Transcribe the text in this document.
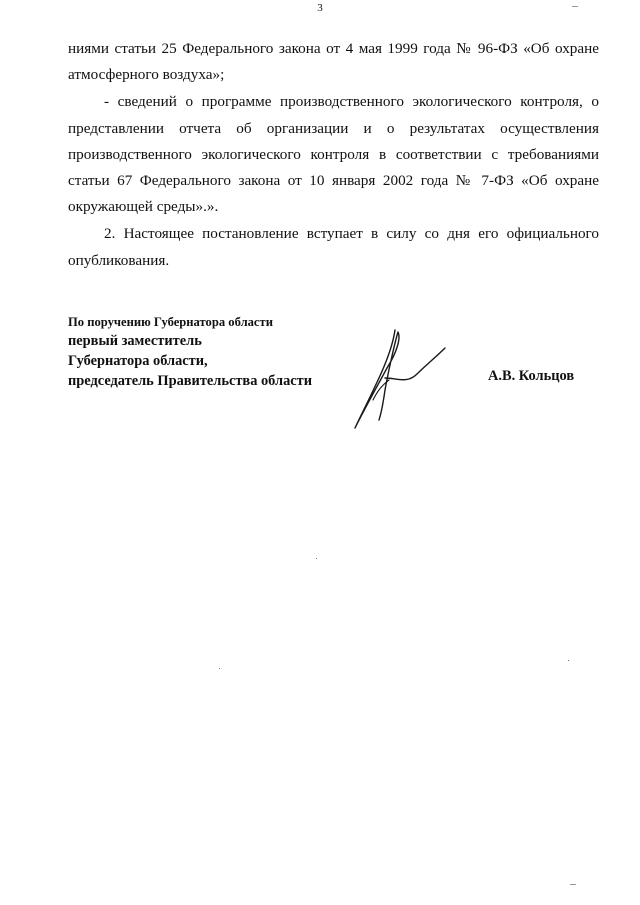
3

ниями статьи 25 Федерального закона от 4 мая 1999 года № 96-ФЗ «Об охране атмосферного воздуха»;

- сведений о программе производственного экологического контроля, о представлении отчета об организации и о результатах осуществления производственного экологического контроля в соответствии с требованиями статьи 67 Федерального закона от 10 января 2002 года № 7-ФЗ «Об охране окружающей среды».».

2. Настоящее постановление вступает в силу со дня его официального опубликования.

По поручению Губернатора области
первый заместитель
Губернатора области,
председатель Правительства области	А.В. Кольцов
